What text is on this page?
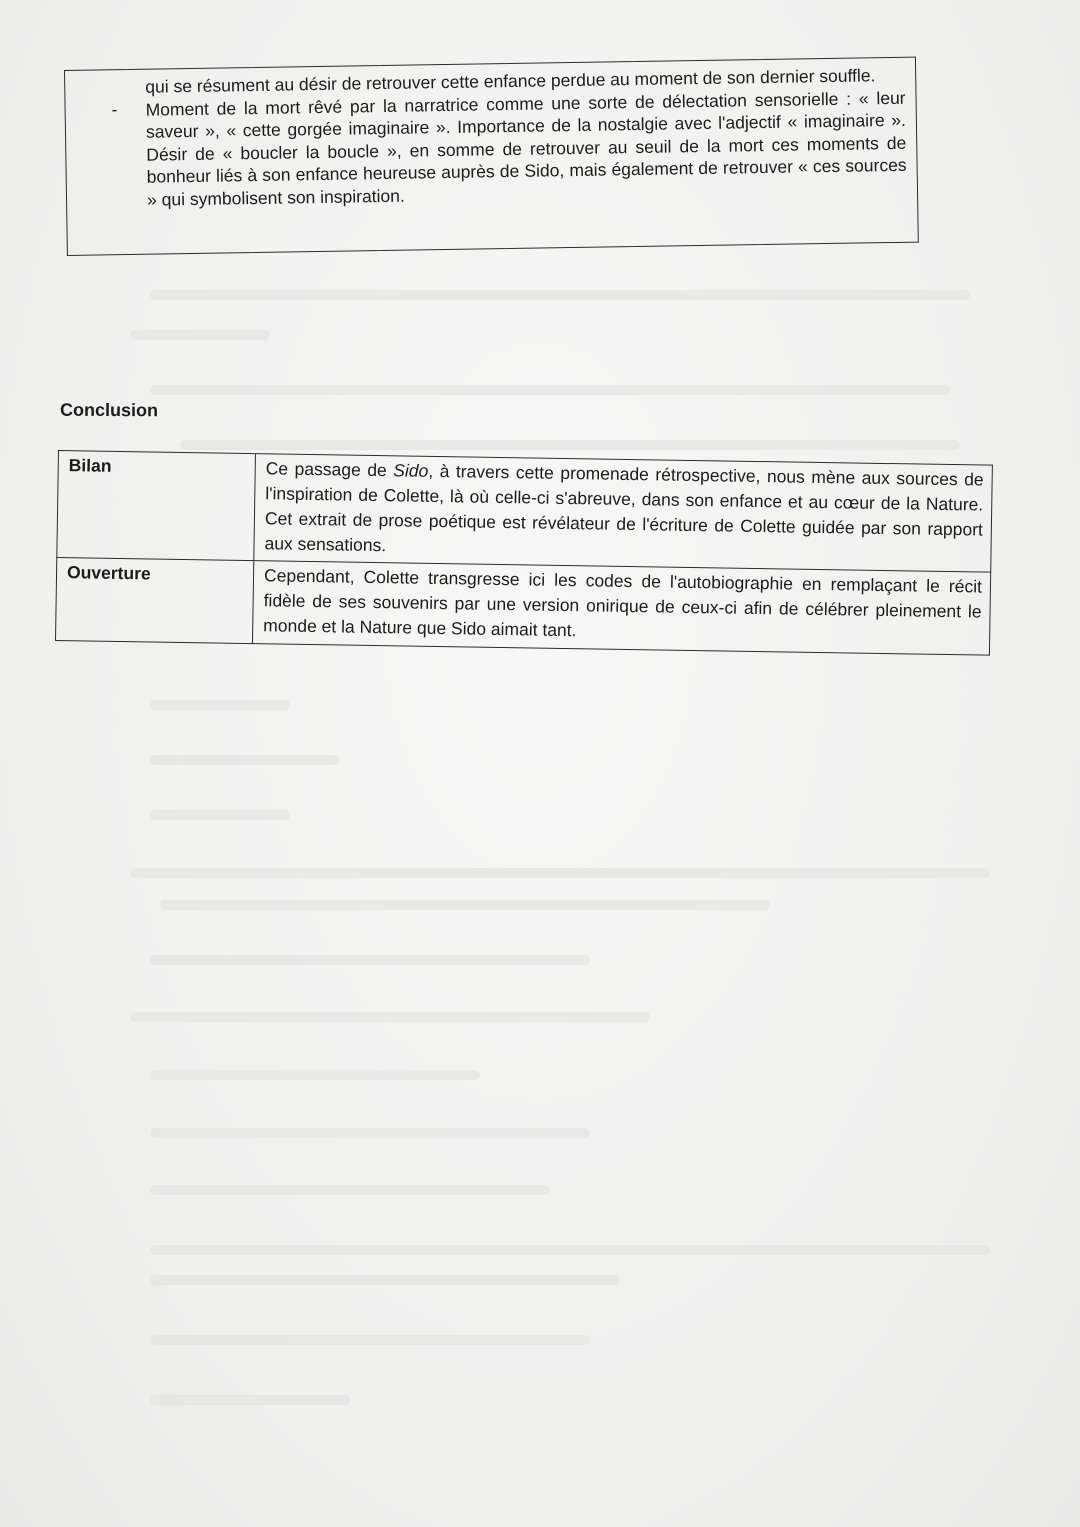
qui se résument au désir de retrouver cette enfance perdue au moment de son dernier souffle.

- Moment de la mort rêvé par la narratrice comme une sorte de délectation sensorielle : « leur saveur », « cette gorgée imaginaire ». Importance de la nostalgie avec l'adjectif « imaginaire ». Désir de « boucler la boucle », en somme de retrouver au seuil de la mort ces moments de bonheur liés à son enfance heureuse auprès de Sido, mais également de retrouver « ces sources » qui symbolisent son inspiration.

Conclusion
Bilan	Ce passage de Sido, à travers cette promenade rétrospective, nous mène aux sources de l'inspiration de Colette, là où celle-ci s'abreuve, dans son enfance et au cœur de la Nature. Cet extrait de prose poétique est révélateur de l'écriture de Colette guidée par son rapport aux sensations.
Ouverture	Cependant, Colette transgresse ici les codes de l'autobiographie en remplaçant le récit fidèle de ses souvenirs par une version onirique de ceux-ci afin de célébrer pleinement le monde et la Nature que Sido aimait tant.
